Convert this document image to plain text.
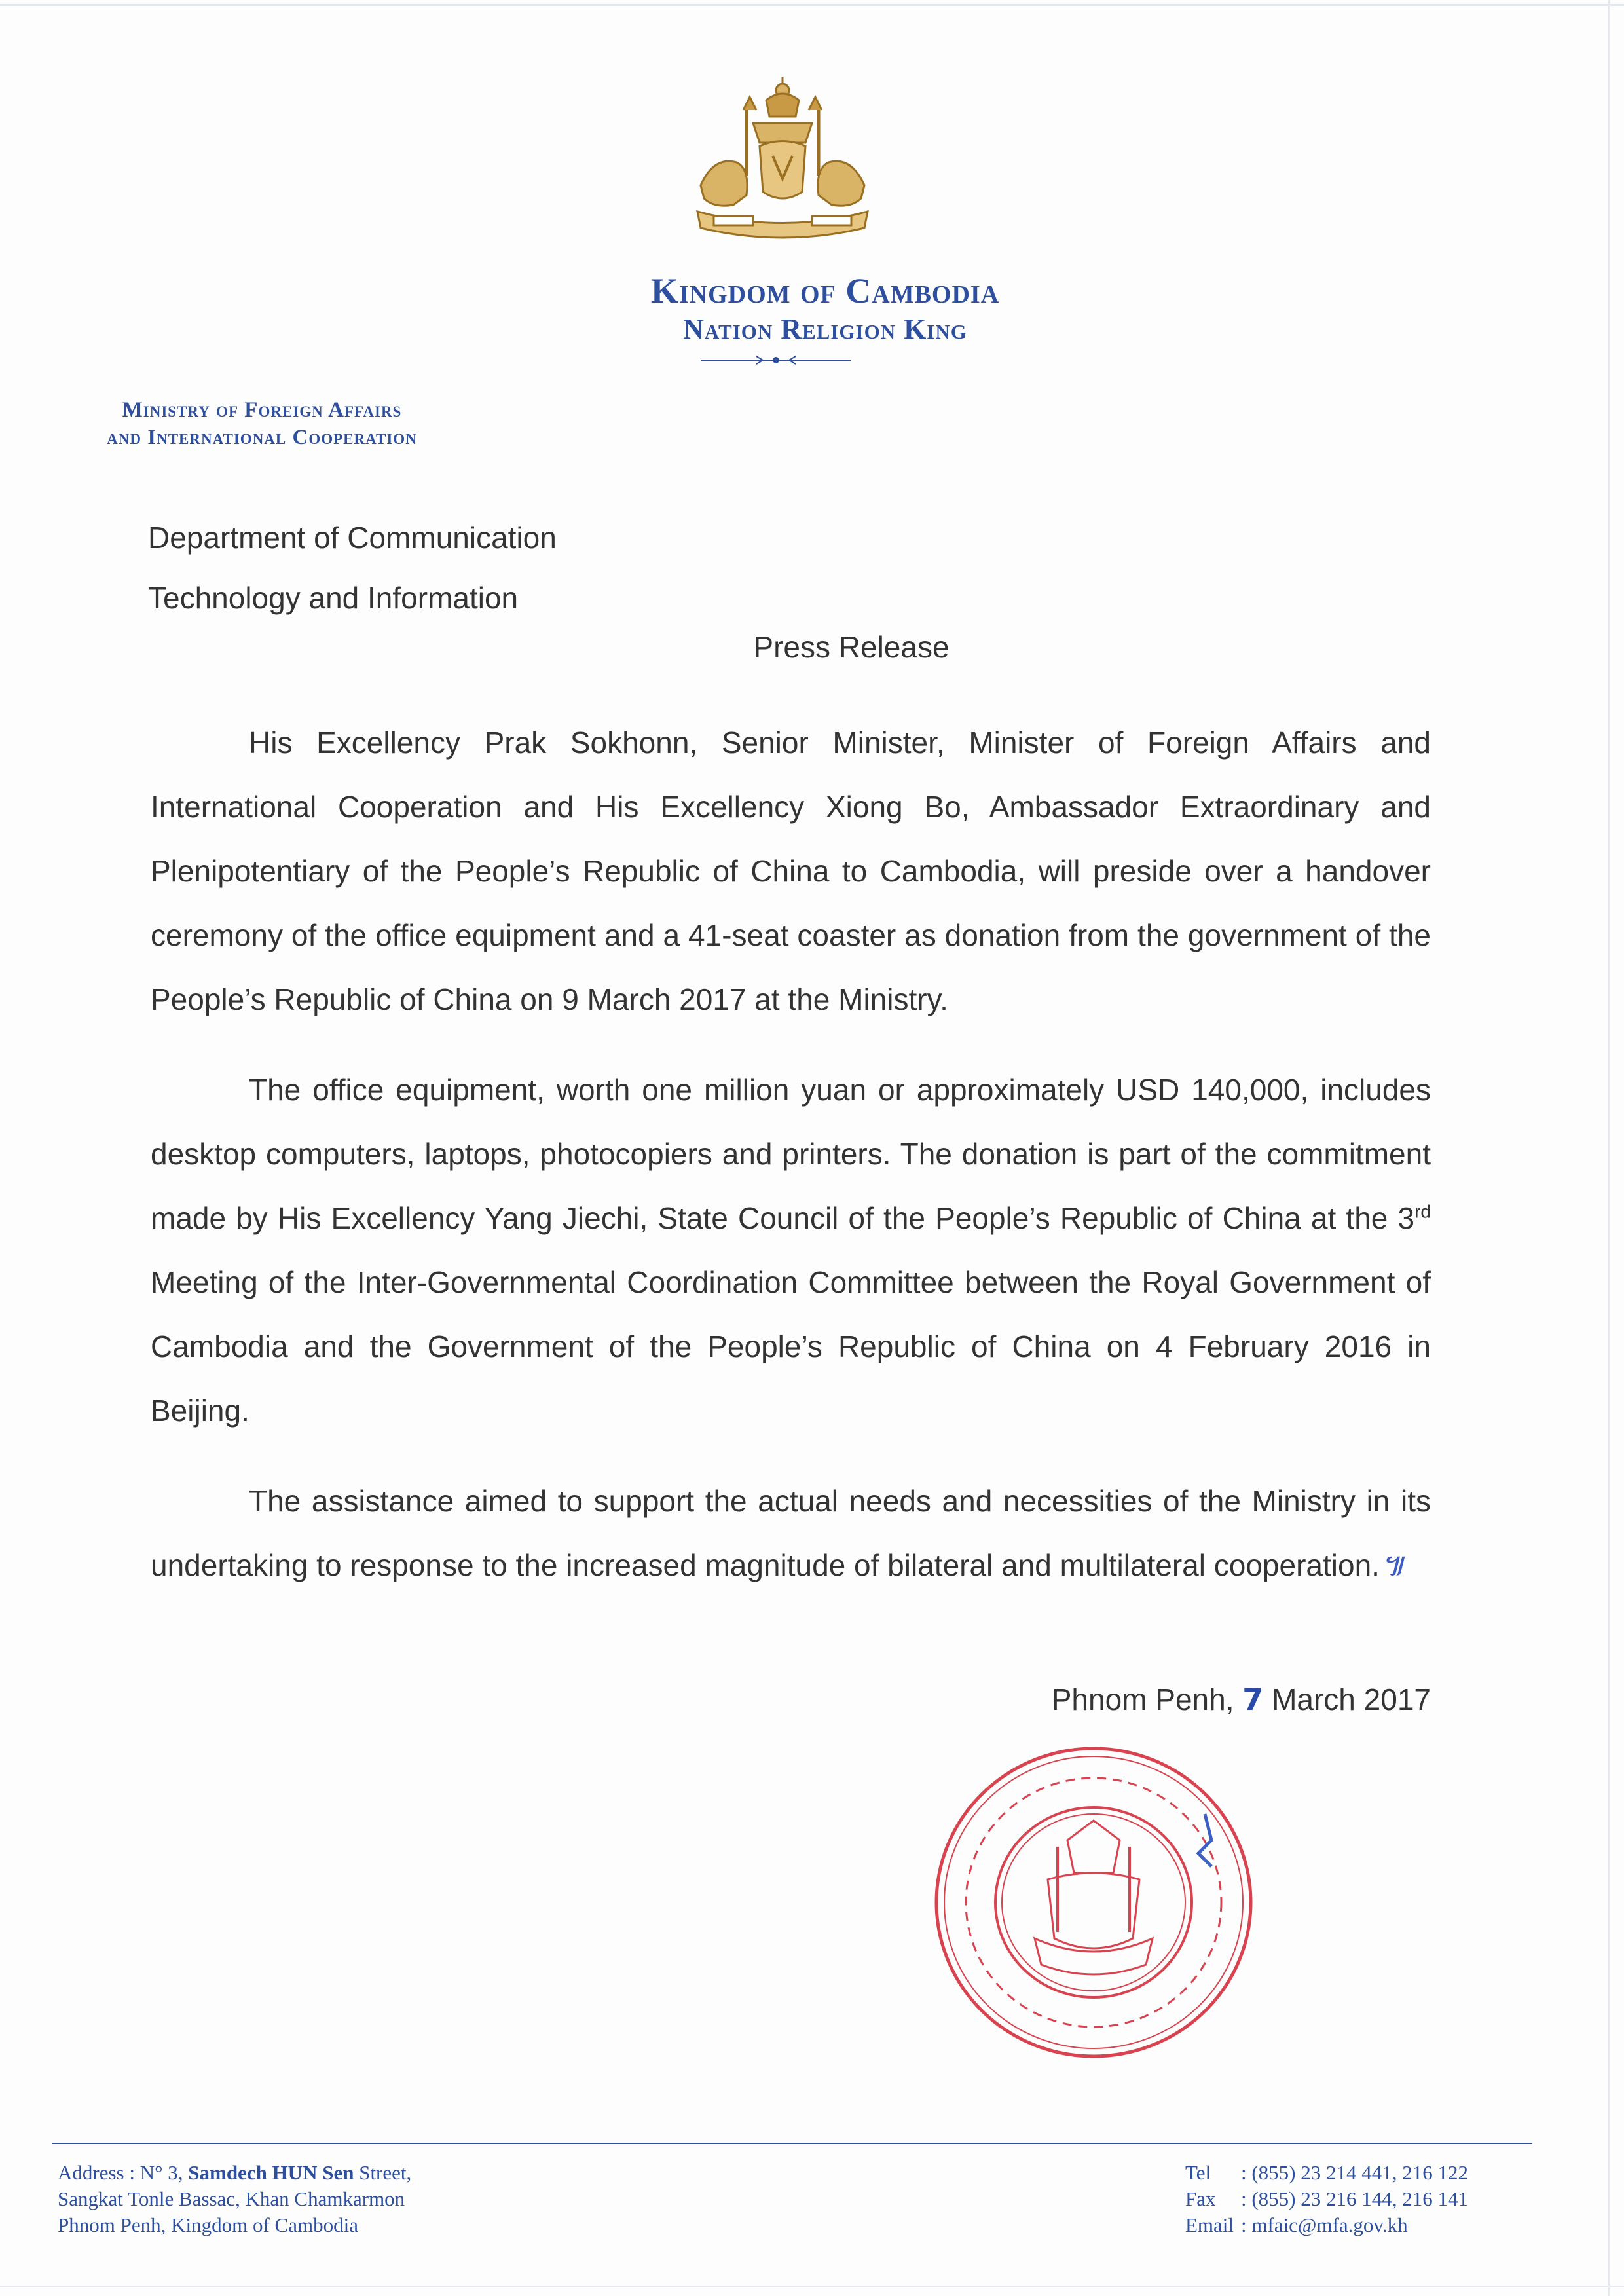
Kingdom of Cambodia
Nation Religion King
Ministry of Foreign Affairs
and International Cooperation
Department of Communication
Technology and Information
Press Release

His Excellency Prak Sokhonn, Senior Minister, Minister of Foreign Affairs and International Cooperation and His Excellency Xiong Bo, Ambassador Extraordinary and Plenipotentiary of the People’s Republic of China to Cambodia, will preside over a handover ceremony of the office equipment and a 41-seat coaster as donation from the government of the People’s Republic of China on 9 March 2017 at the Ministry.

The office equipment, worth one million yuan or approximately USD 140,000, includes desktop computers, laptops, photocopiers and printers. The donation is part of the commitment made by His Excellency Yang Jiechi, State Council of the People’s Republic of China at the 3rd Meeting of the Inter-Governmental Coordination Committee between the Royal Government of Cambodia and the Government of the People’s Republic of China on 4 February 2016 in Beijing.

The assistance aimed to support the actual needs and necessities of the Ministry in its undertaking to response to the increased magnitude of bilateral and multilateral cooperation.៕

Phnom Penh, 7 March 2017
Address : N° 3, Samdech HUN Sen Street,
Sangkat Tonle Bassac, Khan Chamkarmon
Phnom Penh, Kingdom of Cambodia
Tel : (855) 23 214 441, 216 122
Fax : (855) 23 216 144, 216 141
Email : mfaic@mfa.gov.kh
